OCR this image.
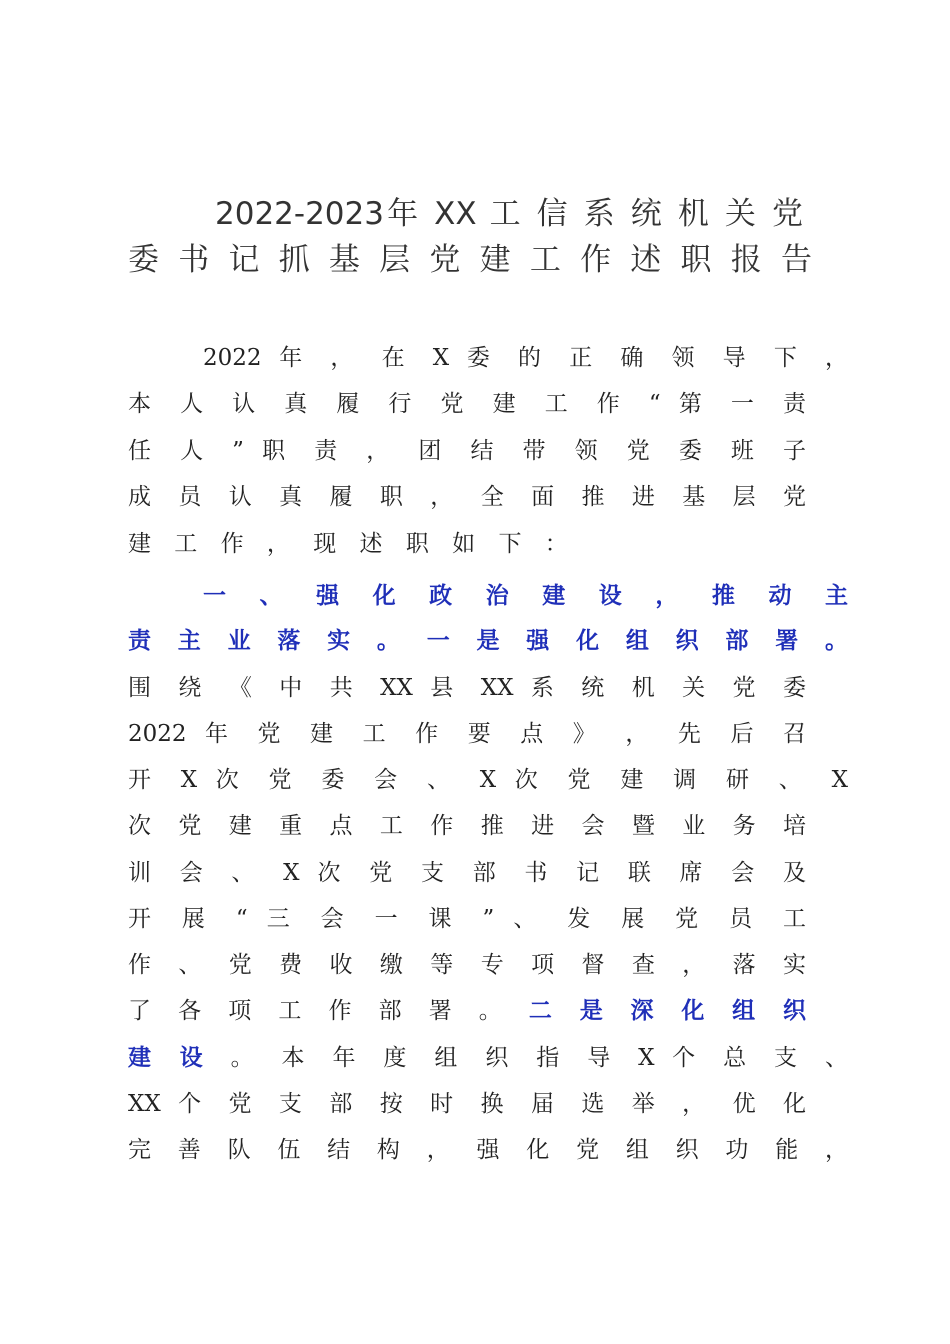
2022-2023年 XX 工 信 系 统 机 关 党
委 书 记 抓 基 层 党 建 工 作 述 职 报 告
2022 年 ， 在 X 委 的 正 确 领 导 下 ，
本 人 认 真 履 行 党 建 工 作 “ 第 一 责
任 人 ” 职 责 ， 团 结 带 领 党 委 班 子
成 员 认 真 履 职 ， 全 面 推 进 基 层 党
建 工 作 ， 现 述 职 如 下 ：
一 、 强 化 政 治 建 设 ， 推 动 主
责 主 业 落 实 。 一 是 强 化 组 织 部 署 。
围 绕 《 中 共 XX 县 XX 系 统 机 关 党 委
2022 年 党 建 工 作 要 点 》 ， 先 后 召
开 X 次 党 委 会 、 X 次 党 建 调 研 、 X
次 党 建 重 点 工 作 推 进 会 暨 业 务 培
训 会 、 X 次 党 支 部 书 记 联 席 会 及
开 展 “ 三 会 一 课 ” 、 发 展 党 员 工
作 、 党 费 收 缴 等 专 项 督 查 ， 落 实
了 各 项 工 作 部 署 。 二 是 深 化 组 织
建 设 。 本 年 度 组 织 指 导 X 个 总 支 、
XX 个 党 支 部 按 时 换 届 选 举 ， 优 化
完 善 队 伍 结 构 ， 强 化 党 组 织 功 能 ，
